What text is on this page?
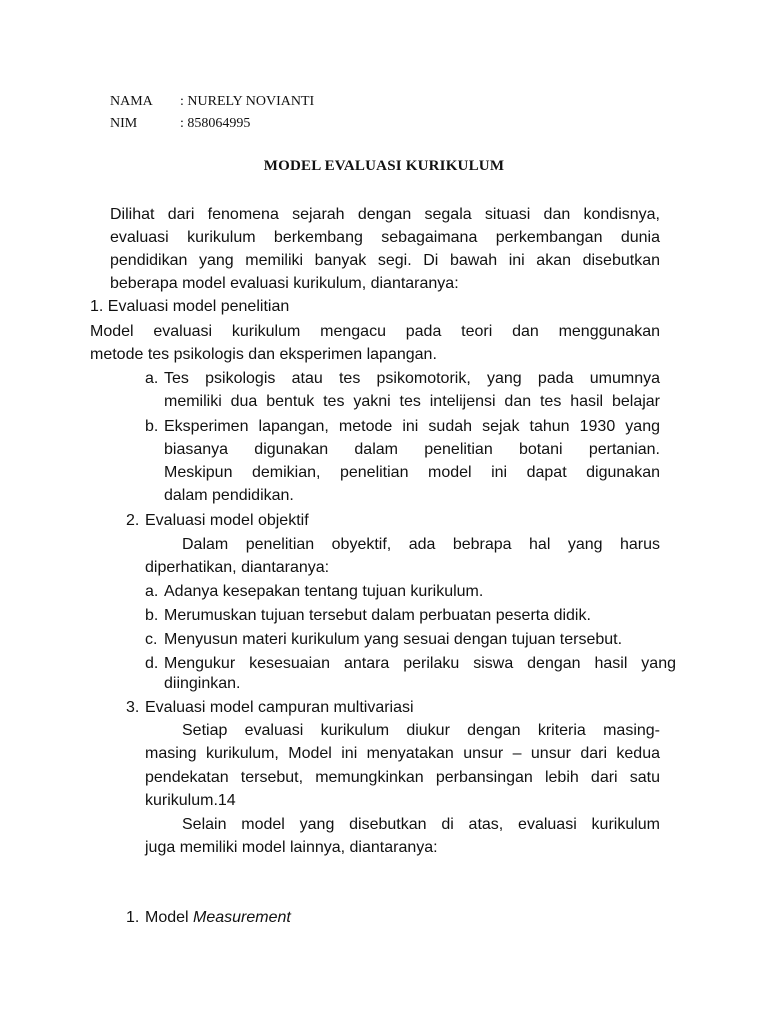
NAMA : NURELY NOVIANTI
NIM	: 858064995
MODEL EVALUASI KURIKULUM
Dilihat dari fenomena sejarah dengan segala situasi dan kondisnya,
evaluasi kurikulum berkembang sebagaimana perkembangan dunia
pendidikan yang memiliki banyak segi. Di bawah ini akan disebutkan
beberapa model evaluasi kurikulum, diantaranya:
1. Evaluasi model penelitian
Model evaluasi kurikulum mengacu pada teori dan menggunakan
metode tes psikologis dan eksperimen lapangan.
a. Tes psikologis atau tes psikomotorik, yang pada umumnya
memiliki dua bentuk tes yakni tes intelijensi dan tes hasil belajar
b. Eksperimen lapangan, metode ini sudah sejak tahun 1930 yang
biasanya digunakan dalam penelitian botani pertanian.
Meskipun demikian, penelitian model ini dapat digunakan
dalam pendidikan.
2. Evaluasi model objektif
Dalam penelitian obyektif, ada bebrapa hal yang harus
diperhatikan, diantaranya:
a. Adanya kesepakan tentang tujuan kurikulum.
b. Merumuskan tujuan tersebut dalam perbuatan peserta didik.
c. Menyusun materi kurikulum yang sesuai dengan tujuan tersebut.
d. Mengukur kesesuaian antara perilaku siswa dengan hasil yang
diinginkan.
3. Evaluasi model campuran multivariasi
Setiap evaluasi kurikulum diukur dengan kriteria masing-
masing kurikulum, Model ini menyatakan unsur – unsur dari kedua
pendekatan tersebut, memungkinkan perbansingan lebih dari satu
kurikulum.14
Selain model yang disebutkan di atas, evaluasi kurikulum
juga memiliki model lainnya, diantaranya:
1. Model Measurement
